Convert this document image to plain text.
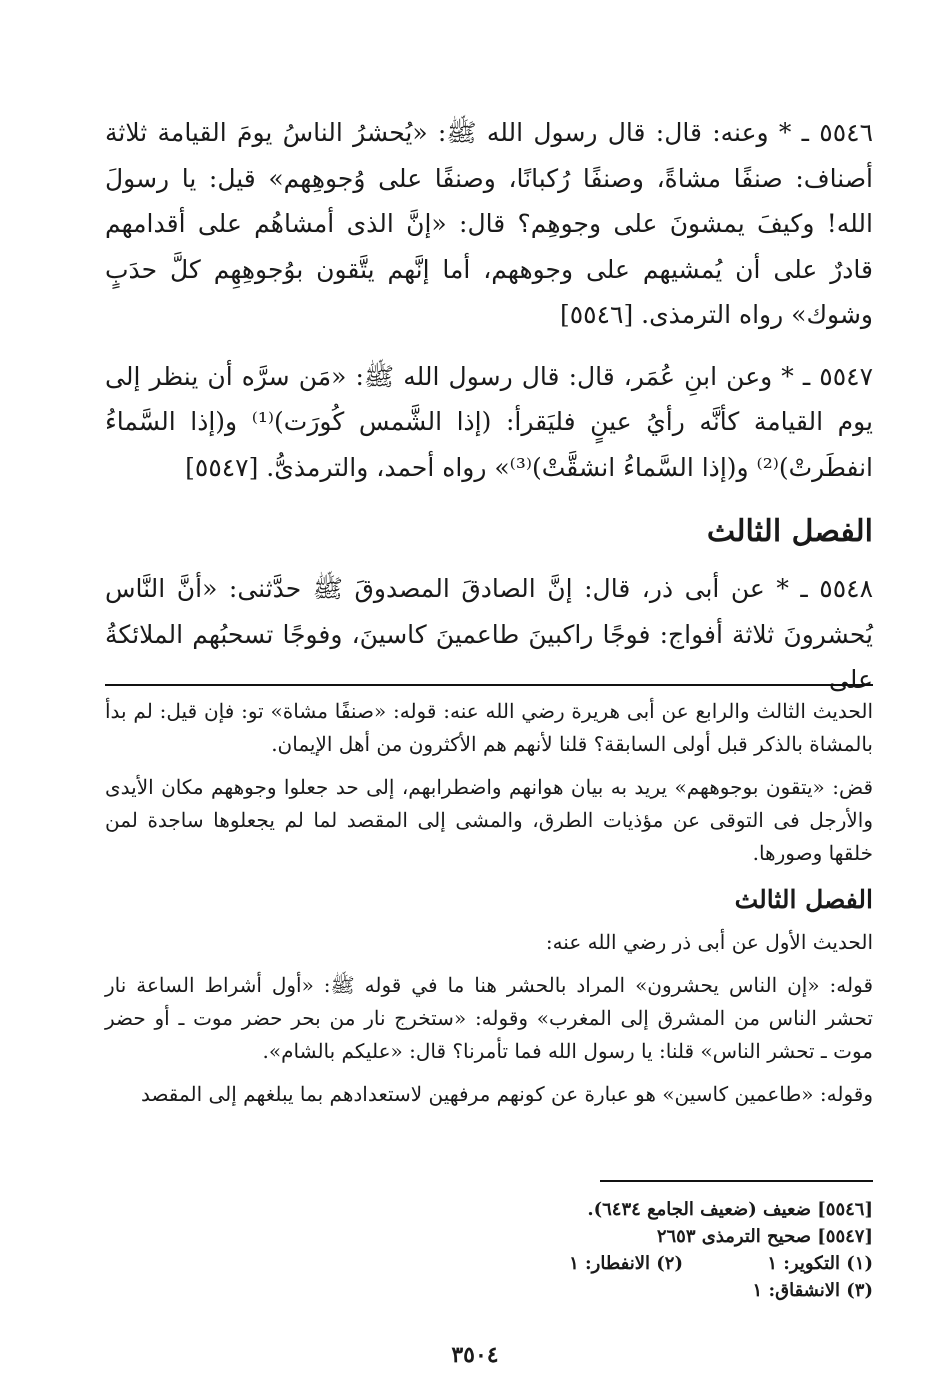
٥٥٤٦ ـ * وعنه: قال: قال رسول الله ﷺ: «يُحشرُ الناسُ يومَ القيامة ثلاثة أصناف: صنفًا مشاةً، وصنفًا رُكبانًا، وصنفًا على وُجوهِهم» قيل: يا رسولَ الله! وكيفَ يمشونَ على وجوهِم؟ قال: «إنَّ الذى أمشاهُم على أقدامهم قادرٌ على أن يُمشيهم على وجوههم، أما إنَّهم يتَّقون بوُجوهِهِم كلَّ حدَبٍ وشوك» رواه الترمذى. [٥٥٤٦]

٥٥٤٧ ـ * وعن ابنِ عُمَر، قال: قال رسول الله ﷺ: «مَن سرَّه أن ينظر إلى يوم القيامة كأنَّه رأيُ عينٍ فليَقرأ: (إذا الشَّمس كُورَت)⁽¹⁾ و(إذا السَّماءُ انفطَرتْ)⁽²⁾ و(إذا السَّماءُ انشقَّتْ)⁽³⁾» رواه أحمد، والترمذىُّ. [٥٥٤٧]

الفصل الثالث

٥٥٤٨ ـ * عن أبى ذر، قال: إنَّ الصادقَ المصدوقَ ﷺ حدَّثنى: «أنَّ النَّاس يُحشرونَ ثلاثة أفواج: فوجًا راكبينَ طاعمينَ كاسينَ، وفوجًا تسحبُهم الملائكةُ على

الحديث الثالث والرابع عن أبى هريرة رضي الله عنه: قوله: «صنفًا مشاة» تو: فإن قيل: لم بدأ بالمشاة بالذكر قبل أولى السابقة؟ قلنا لأنهم هم الأكثرون من أهل الإيمان.

قض: «يتقون بوجوههم» يريد به بيان هوانهم واضطرابهم، إلى حد جعلوا وجوههم مكان الأيدى والأرجل فى التوقى عن مؤذيات الطرق، والمشى إلى المقصد لما لم يجعلوها ساجدة لمن خلقها وصورها.

الفصل الثالث

الحديث الأول عن أبى ذر رضي الله عنه:

قوله: «إن الناس يحشرون» المراد بالحشر هنا ما في قوله ﷺ: «أول أشراط الساعة نار تحشر الناس من المشرق إلى المغرب» وقوله: «ستخرج نار من بحر حضر موت ـ أو حضر موت ـ تحشر الناس» قلنا: يا رسول الله فما تأمرنا؟ قال: «عليكم بالشام».

وقوله: «طاعمين كاسين» هو عبارة عن كونهم مرفهين لاستعدادهم بما يبلغهم إلى المقصد

[٥٥٤٦] ضعيف (ضعيف الجامع ٦٤٣٤).
[٥٥٤٧] صحيح الترمذى ٢٦٥٣
(١) التكوير: ١
(٢) الانفطار: ١
(٣) الانشقاق: ١
٣٥٠٤
